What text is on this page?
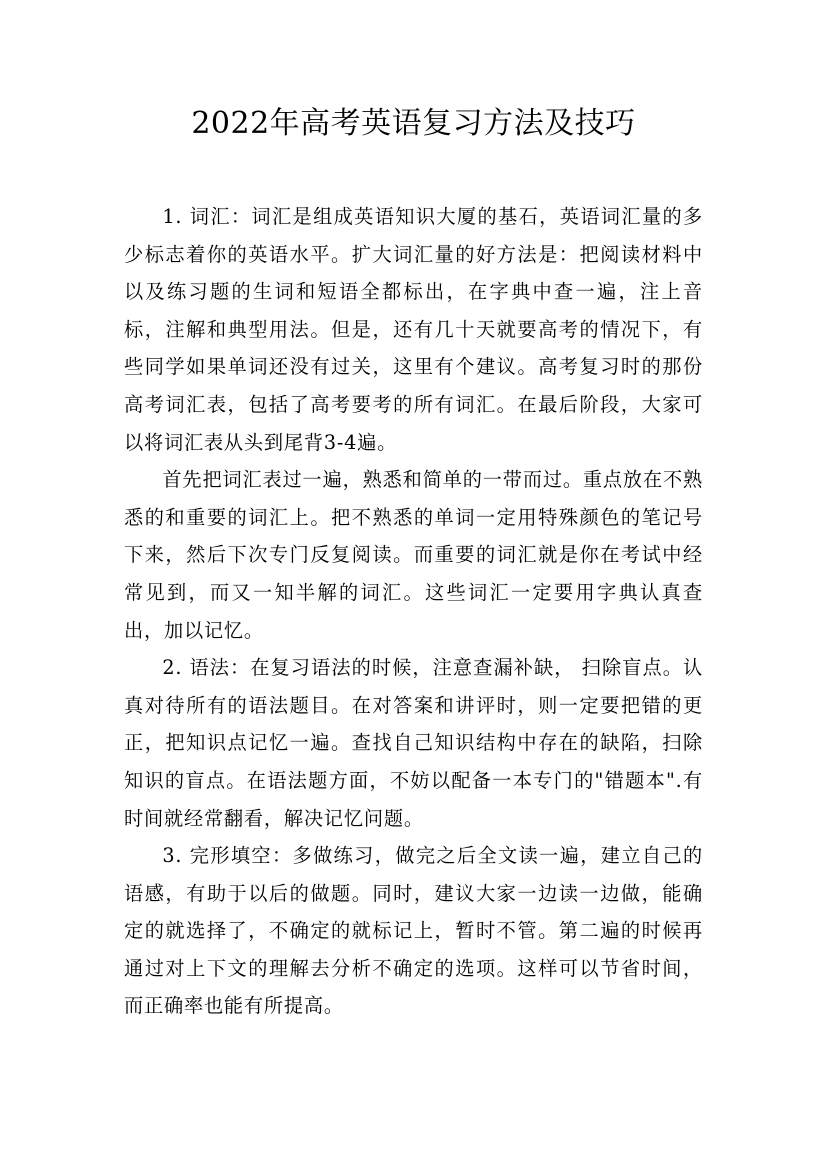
2022年高考英语复习方法及技巧

1. 词汇：词汇是组成英语知识大厦的基石，英语词汇量的多少标志着你的英语水平。扩大词汇量的好方法是：把阅读材料中以及练习题的生词和短语全都标出，在字典中查一遍，注上音标，注解和典型用法。但是，还有几十天就要高考的情况下，有些同学如果单词还没有过关，这里有个建议。高考复习时的那份高考词汇表，包括了高考要考的所有词汇。在最后阶段，大家可以将词汇表从头到尾背3-4遍。

首先把词汇表过一遍，熟悉和简单的一带而过。重点放在不熟悉的和重要的词汇上。把不熟悉的单词一定用特殊颜色的笔记号下来，然后下次专门反复阅读。而重要的词汇就是你在考试中经常见到，而又一知半解的词汇。这些词汇一定要用字典认真查出，加以记忆。

2. 语法：在复习语法的时候，注意查漏补缺， 扫除盲点。认真对待所有的语法题目。在对答案和讲评时，则一定要把错的更正，把知识点记忆一遍。查找自己知识结构中存在的缺陷，扫除知识的盲点。在语法题方面，不妨以配备一本专门的"错题本".有时间就经常翻看，解决记忆问题。

3. 完形填空：多做练习，做完之后全文读一遍，建立自己的语感，有助于以后的做题。同时，建议大家一边读一边做，能确定的就选择了，不确定的就标记上，暂时不管。第二遍的时候再通过对上下文的理解去分析不确定的选项。这样可以节省时间，而正确率也能有所提高。
